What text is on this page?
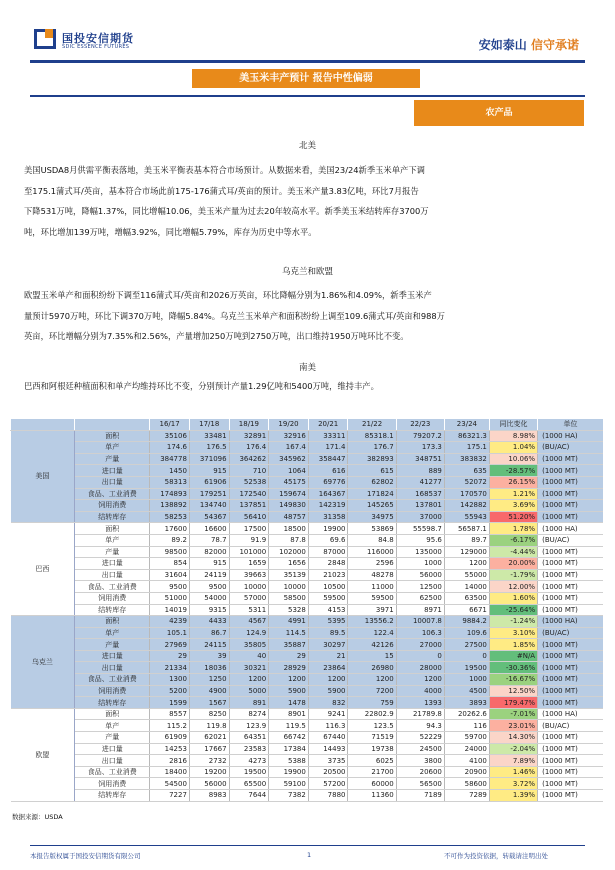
国投安信期货
SDIC ESSENCE FUTURES	安如泰山 信守承诺
美玉米丰产预计 报告中性偏弱
农产品
北美
美国USDA8月供需平衡表落地，美玉米平衡表基本符合市场预计。从数据来看，美国23/24新季玉米单产下调
至175.1蒲式耳/英亩，基本符合市场此前175-176蒲式耳/英亩的预计。美玉米产量3.83亿吨，环比7月报告
下降531万吨，降幅1.37%，同比增幅10.06，美玉米产量为过去20年较高水平。新季美玉米结转库存3700万
吨，环比增加139万吨，增幅3.92%，同比增幅5.79%，库存为历史中等水平。
乌克兰和欧盟
欧盟玉米单产和面积纷纷下调至116蒲式耳/英亩和2026万英亩，环比降幅分别为1.86%和4.09%，新季玉米产
量预计5970万吨，环比下调370万吨，降幅5.84%。乌克兰玉米单产和面积纷纷上调至109.6蒲式耳/英亩和988万
英亩，环比增幅分别为7.35%和2.56%，产量增加250万吨到2750万吨，出口维持1950万吨环比不变。
南美
巴西和阿根廷种植面积和单产均维持环比不变，分别预计产量1.29亿吨和5400万吨，维持丰产。
		16/17	17/18	18/19	19/20	20/21	21/22	22/23	23/24	同比变化	单位
美国	面积	35106	33481	32891	32916	33311	85318.1	79207.2	86321.3	8.98%	(1000 HA)
	单产	174.6	176.5	176.4	167.4	171.4	176.7	173.3	175.1	1.04%	(BU/AC)
	产量	384778	371096	364262	345962	358447	382893	348751	383832	10.06%	(1000 MT)
	进口量	1450	915	710	1064	616	615	889	635	-28.57%	(1000 MT)
	出口量	58313	61906	52538	45175	69776	62802	41277	52072	26.15%	(1000 MT)
	食品、工业消费	174893	179251	172540	159674	164367	171824	168537	170570	1.21%	(1000 MT)
	饲用消费	138892	134740	137851	149830	142319	145265	137801	142882	3.69%	(1000 MT)
	结转库存	58253	54367	56410	48757	31358	34975	37000	55943	51.20%	(1000 MT)
巴西	面积	17600	16600	17500	18500	19900	53869	55598.7	56587.1	1.78%	(1000 HA)
	单产	89.2	78.7	91.9	87.8	69.6	84.8	95.6	89.7	-6.17%	(BU/AC)
	产量	98500	82000	101000	102000	87000	116000	135000	129000	-4.44%	(1000 MT)
	进口量	854	915	1659	1656	2848	2596	1000	1200	20.00%	(1000 MT)
	出口量	31604	24119	39663	35139	21023	48278	56000	55000	-1.79%	(1000 MT)
	食品、工业消费	9500	9500	10000	10000	10500	11000	12500	14000	12.00%	(1000 MT)
	饲用消费	51000	54000	57000	58500	59500	59500	62500	63500	1.60%	(1000 MT)
	结转库存	14019	9315	5311	5328	4153	3971	8971	6671	-25.64%	(1000 MT)
乌克兰	面积	4239	4433	4567	4991	5395	13556.2	10007.8	9884.2	-1.24%	(1000 HA)
	单产	105.1	86.7	124.9	114.5	89.5	122.4	106.3	109.6	3.10%	(BU/AC)
	产量	27969	24115	35805	35887	30297	42126	27000	27500	1.85%	(1000 MT)
	进口量	29	39	40	29	21	15	0	0	#N/A	(1000 MT)
	出口量	21334	18036	30321	28929	23864	26980	28000	19500	-30.36%	(1000 MT)
	食品、工业消费	1300	1250	1200	1200	1200	1200	1200	1000	-16.67%	(1000 MT)
	饲用消费	5200	4900	5000	5900	5900	7200	4000	4500	12.50%	(1000 MT)
	结转库存	1599	1567	891	1478	832	759	1393	3893	179.47%	(1000 MT)
欧盟	面积	8557	8250	8274	8901	9241	22802.9	21789.8	20262.6	-7.01%	(1000 HA)
	单产	115.2	119.8	123.9	119.5	116.3	123.5	94.3	116	23.01%	(BU/AC)
	产量	61909	62021	64351	66742	67440	71519	52229	59700	14.30%	(1000 MT)
	进口量	14253	17667	23583	17384	14493	19738	24500	24000	-2.04%	(1000 MT)
	出口量	2816	2732	4273	5388	3735	6025	3800	4100	7.89%	(1000 MT)
	食品、工业消费	18400	19200	19500	19900	20500	21700	20600	20900	1.46%	(1000 MT)
	饲用消费	54500	56000	65500	59100	57200	60000	56500	58600	3.72%	(1000 MT)
	结转库存	7227	8983	7644	7382	7880	11360	7189	7289	1.39%	(1000 MT)
数据来源：USDA
本报告版权属于国投安信期货有限公司	1	不可作为投资依据，转载请注明出处
